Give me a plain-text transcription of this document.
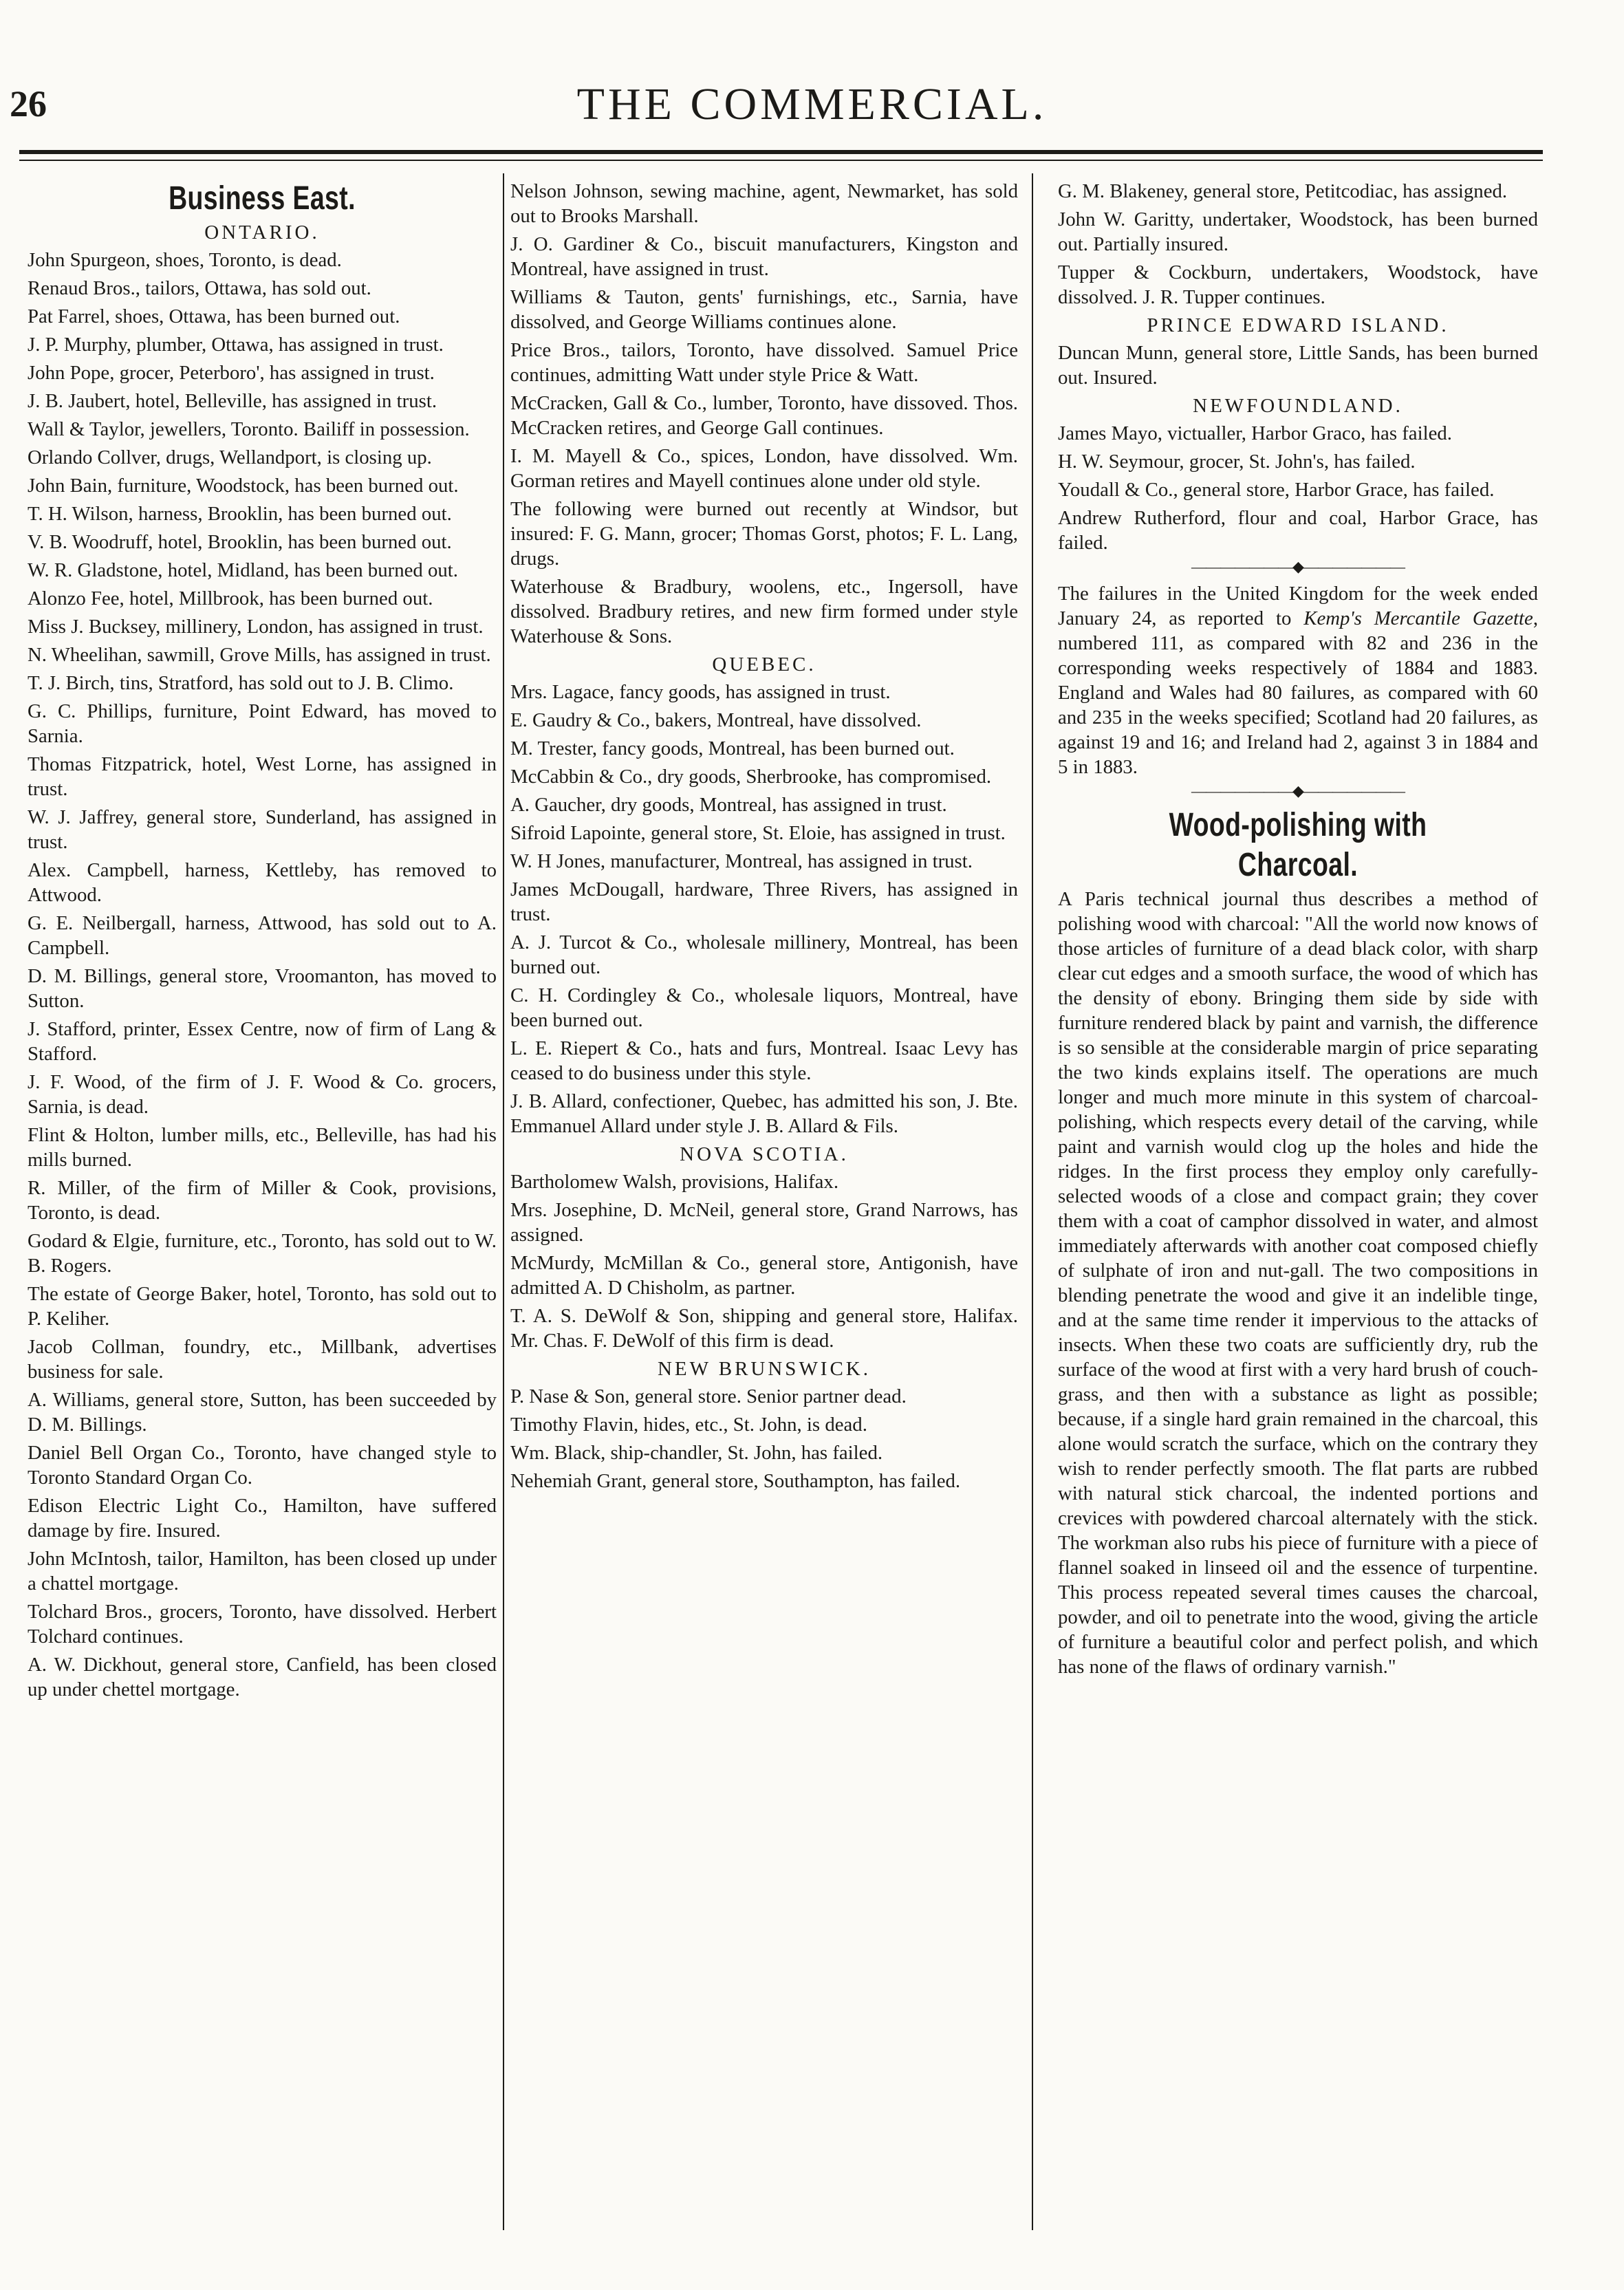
26	THE COMMERCIAL.
Business East.
ONTARIO.

John Spurgeon, shoes, Toronto, is dead.

Renaud Bros., tailors, Ottawa, has sold out.

Pat Farrel, shoes, Ottawa, has been burned out.

J. P. Murphy, plumber, Ottawa, has assigned in trust.

John Pope, grocer, Peterboro', has assigned in trust.

J. B. Jaubert, hotel, Belleville, has assigned in trust.

Wall & Taylor, jewellers, Toronto. Bailiff in possession.

Orlando Collver, drugs, Wellandport, is closing up.

John Bain, furniture, Woodstock, has been burned out.

T. H. Wilson, harness, Brooklin, has been burned out.

V. B. Woodruff, hotel, Brooklin, has been burned out.

W. R. Gladstone, hotel, Midland, has been burned out.

Alonzo Fee, hotel, Millbrook, has been burned out.

Miss J. Bucksey, millinery, London, has assigned in trust.

N. Wheelihan, sawmill, Grove Mills, has assigned in trust.

T. J. Birch, tins, Stratford, has sold out to J. B. Climo.

G. C. Phillips, furniture, Point Edward, has moved to Sarnia.

Thomas Fitzpatrick, hotel, West Lorne, has assigned in trust.

W. J. Jaffrey, general store, Sunderland, has assigned in trust.

Alex. Campbell, harness, Kettleby, has removed to Attwood.

G. E. Neilbergall, harness, Attwood, has sold out to A. Campbell.

D. M. Billings, general store, Vroomanton, has moved to Sutton.

J. Stafford, printer, Essex Centre, now of firm of Lang & Stafford.

J. F. Wood, of the firm of J. F. Wood & Co. grocers, Sarnia, is dead.

Flint & Holton, lumber mills, etc., Belleville, has had his mills burned.

R. Miller, of the firm of Miller & Cook, provisions, Toronto, is dead.

Godard & Elgie, furniture, etc., Toronto, has sold out to W. B. Rogers.

The estate of George Baker, hotel, Toronto, has sold out to P. Keliher.

Jacob Collman, foundry, etc., Millbank, advertises business for sale.

A. Williams, general store, Sutton, has been succeeded by D. M. Billings.

Daniel Bell Organ Co., Toronto, have changed style to Toronto Standard Organ Co.

Edison Electric Light Co., Hamilton, have suffered damage by fire. Insured.

John McIntosh, tailor, Hamilton, has been closed up under a chattel mortgage.

Tolchard Bros., grocers, Toronto, have dissolved. Herbert Tolchard continues.

A. W. Dickhout, general store, Canfield, has been closed up under chettel mortgage.

Nelson Johnson, sewing machine, agent, Newmarket, has sold out to Brooks Marshall.

J. O. Gardiner & Co., biscuit manufacturers, Kingston and Montreal, have assigned in trust.

Williams & Tauton, gents' furnishings, etc., Sarnia, have dissolved, and George Williams continues alone.

Price Bros., tailors, Toronto, have dissolved. Samuel Price continues, admitting Watt under style Price & Watt.

McCracken, Gall & Co., lumber, Toronto, have dissoved. Thos. McCracken retires, and George Gall continues.

I. M. Mayell & Co., spices, London, have dissolved. Wm. Gorman retires and Mayell continues alone under old style.

The following were burned out recently at Windsor, but insured: F. G. Mann, grocer; Thomas Gorst, photos; F. L. Lang, drugs.

Waterhouse & Bradbury, woolens, etc., Ingersoll, have dissolved. Bradbury retires, and new firm formed under style Waterhouse & Sons.

QUEBEC.

Mrs. Lagace, fancy goods, has assigned in trust.

E. Gaudry & Co., bakers, Montreal, have dissolved.

M. Trester, fancy goods, Montreal, has been burned out.

McCabbin & Co., dry goods, Sherbrooke, has compromised.

A. Gaucher, dry goods, Montreal, has assigned in trust.

Sifroid Lapointe, general store, St. Eloie, has assigned in trust.

W. H Jones, manufacturer, Montreal, has assigned in trust.

James McDougall, hardware, Three Rivers, has assigned in trust.

A. J. Turcot & Co., wholesale millinery, Montreal, has been burned out.

C. H. Cordingley & Co., wholesale liquors, Montreal, have been burned out.

L. E. Riepert & Co., hats and furs, Montreal. Isaac Levy has ceased to do business under this style.

J. B. Allard, confectioner, Quebec, has admitted his son, J. Bte. Emmanuel Allard under style J. B. Allard & Fils.

NOVA SCOTIA.

Bartholomew Walsh, provisions, Halifax.

Mrs. Josephine, D. McNeil, general store, Grand Narrows, has assigned.

McMurdy, McMillan & Co., general store, Antigonish, have admitted A. D Chisholm, as partner.

T. A. S. DeWolf & Son, shipping and general store, Halifax. Mr. Chas. F. DeWolf of this firm is dead.

NEW BRUNSWICK.

P. Nase & Son, general store. Senior partner dead.

Timothy Flavin, hides, etc., St. John, is dead.

Wm. Black, ship-chandler, St. John, has failed.

Nehemiah Grant, general store, Southampton, has failed.

G. M. Blakeney, general store, Petitcodiac, has assigned.

John W. Garitty, undertaker, Woodstock, has been burned out. Partially insured.

Tupper & Cockburn, undertakers, Woodstock, have dissolved. J. R. Tupper continues.

PRINCE EDWARD ISLAND.

Duncan Munn, general store, Little Sands, has been burned out. Insured.

NEWFOUNDLAND.

James Mayo, victualler, Harbor Graco, has failed.

H. W. Seymour, grocer, St. John's, has failed.

Youdall & Co., general store, Harbor Grace, has failed.

Andrew Rutherford, flour and coal, Harbor Grace, has failed.

———————◆———————

The failures in the United Kingdom for the week ended January 24, as reported to Kemp's Mercantile Gazette, numbered 111, as compared with 82 and 236 in the corresponding weeks respectively of 1884 and 1883. England and Wales had 80 failures, as compared with 60 and 235 in the weeks specified; Scotland had 20 failures, as against 19 and 16; and Ireland had 2, against 3 in 1884 and 5 in 1883.

———————◆———————
Wood-polishing with Charcoal.

A Paris technical journal thus describes a method of polishing wood with charcoal: "All the world now knows of those articles of furniture of a dead black color, with sharp clear cut edges and a smooth surface, the wood of which has the density of ebony. Bringing them side by side with furniture rendered black by paint and varnish, the difference is so sensible at the considerable margin of price separating the two kinds explains itself. The operations are much longer and much more minute in this system of charcoal-polishing, which respects every detail of the carving, while paint and varnish would clog up the holes and hide the ridges. In the first process they employ only carefully-selected woods of a close and compact grain; they cover them with a coat of camphor dissolved in water, and almost immediately afterwards with another coat composed chiefly of sulphate of iron and nut-gall. The two compositions in blending penetrate the wood and give it an indelible tinge, and at the same time render it impervious to the attacks of insects. When these two coats are sufficiently dry, rub the surface of the wood at first with a very hard brush of couch-grass, and then with a substance as light as possible; because, if a single hard grain remained in the charcoal, this alone would scratch the surface, which on the contrary they wish to render perfectly smooth. The flat parts are rubbed with natural stick charcoal, the indented portions and crevices with powdered charcoal alternately with the stick. The workman also rubs his piece of furniture with a piece of flannel soaked in linseed oil and the essence of turpentine. This process repeated several times causes the charcoal, powder, and oil to penetrate into the wood, giving the article of furniture a beautiful color and perfect polish, and which has none of the flaws of ordinary varnish."
